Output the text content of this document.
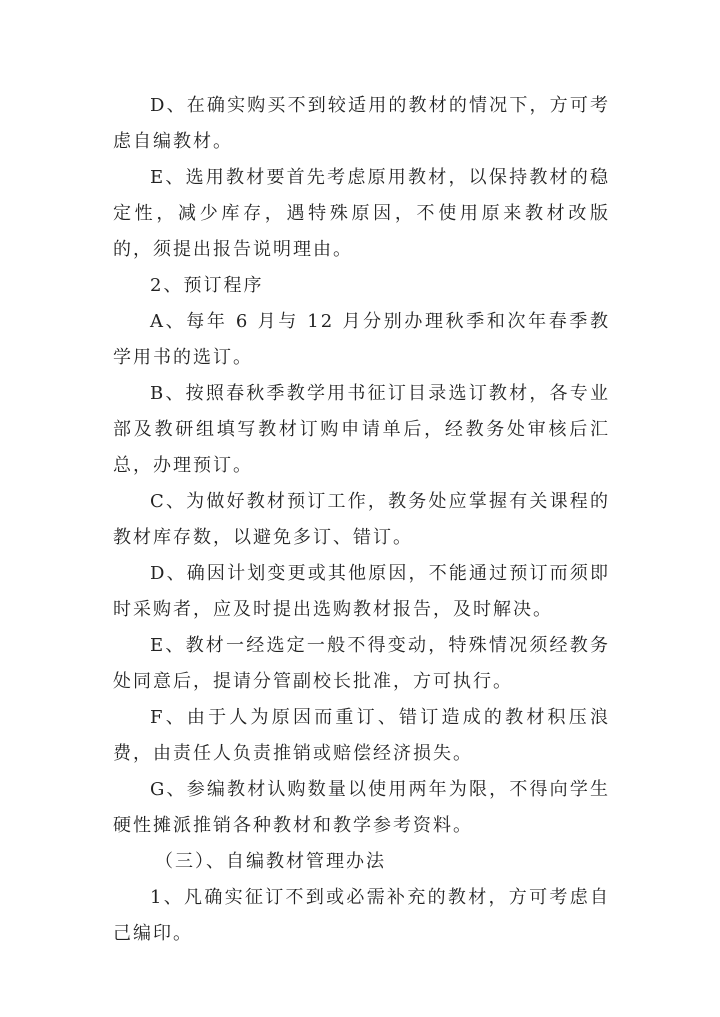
D、在确实购买不到较适用的教材的情况下，方可考虑自编教材。

E、选用教材要首先考虑原用教材，以保持教材的稳定性，减少库存，遇特殊原因，不使用原来教材改版的，须提出报告说明理由。

2、预订程序

A、每年 6 月与 12 月分别办理秋季和次年春季教学用书的选订。

B、按照春秋季教学用书征订目录选订教材，各专业部及教研组填写教材订购申请单后，经教务处审核后汇总，办理预订。

C、为做好教材预订工作，教务处应掌握有关课程的教材库存数，以避免多订、错订。

D、确因计划变更或其他原因，不能通过预订而须即时采购者，应及时提出选购教材报告，及时解决。

E、教材一经选定一般不得变动，特殊情况须经教务处同意后，提请分管副校长批准，方可执行。

F、由于人为原因而重订、错订造成的教材积压浪费，由责任人负责推销或赔偿经济损失。

G、参编教材认购数量以使用两年为限，不得向学生硬性摊派推销各种教材和教学参考资料。

（三）、自编教材管理办法

1、凡确实征订不到或必需补充的教材，方可考虑自己编印。
